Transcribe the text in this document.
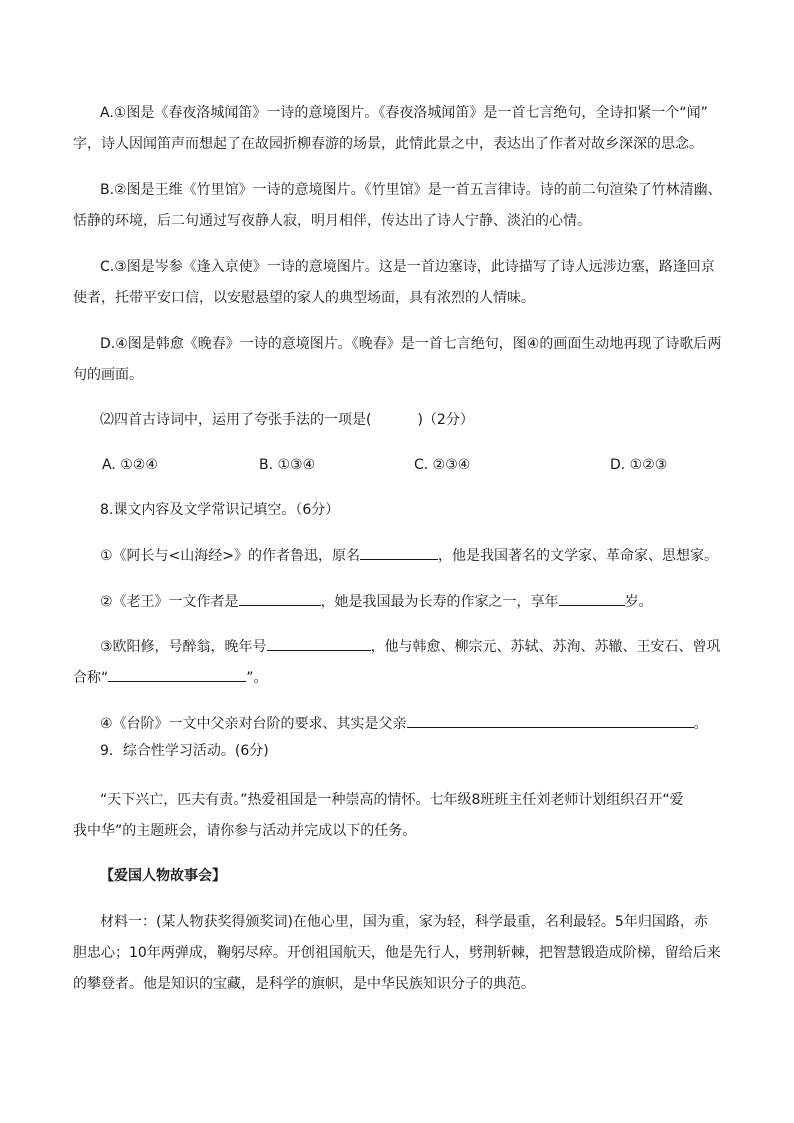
A.①图是《春夜洛城闻笛》一诗的意境图片。《春夜洛城闻笛》是一首七言绝句，全诗扣紧一个“闻”
字，诗人因闻笛声而想起了在故园折柳春游的场景，此情此景之中，表达出了作者对故乡深深的思念。
B.②图是王维《竹里馆》一诗的意境图片。《竹里馆》是一首五言律诗。诗的前二句渲染了竹林清幽、
恬静的环境，后二句通过写夜静人寂，明月相伴，传达出了诗人宁静、淡泊的心情。
C.③图是岑参《逢入京使》一诗的意境图片。这是一首边塞诗，此诗描写了诗人远涉边塞，路逢回京
使者，托带平安口信，以安慰悬望的家人的典型场面，具有浓烈的人情味。
D.④图是韩愈《晚春》一诗的意境图片。《晚春》是一首七言绝句，图④的画面生动地再现了诗歌后两
句的画面。
⑵四首古诗词中，运用了夸张手法的一项是(	)（2分）
A. ①②④	B. ①③④	C. ②③④	D. ①②③
8.课文内容及文学常识记填空。（6分）
①《阿长与<山海经>》的作者鲁迅，原名	，他是我国著名的文学家、革命家、思想家。
②《老王》一文作者是	，她是我国最为长寿的作家之一，享年	岁。
③欧阳修，号醉翁，晚年号	，他与韩愈、柳宗元、苏轼、苏洵、苏辙、王安石、曾巩
合称“	”。
④《台阶》一文中父亲对台阶的要求、其实是父亲	。
9．综合性学习活动。(6分)
“天下兴亡，匹夫有责。”热爱祖国是一种崇高的情怀。七年级8班班主任刘老师计划组织召开“爱
我中华”的主题班会，请你参与活动并完成以下的任务。
【爱国人物故事会】
材料一：(某人物获奖得颁奖词)在他心里，国为重，家为轻，科学最重，名利最轻。5年归国路，赤
胆忠心；10年两弹成，鞠躬尽瘁。开创祖国航天，他是先行人，劈荆斩棘，把智慧锻造成阶梯，留给后来
的攀登者。他是知识的宝藏，是科学的旗帜，是中华民族知识分子的典范。
